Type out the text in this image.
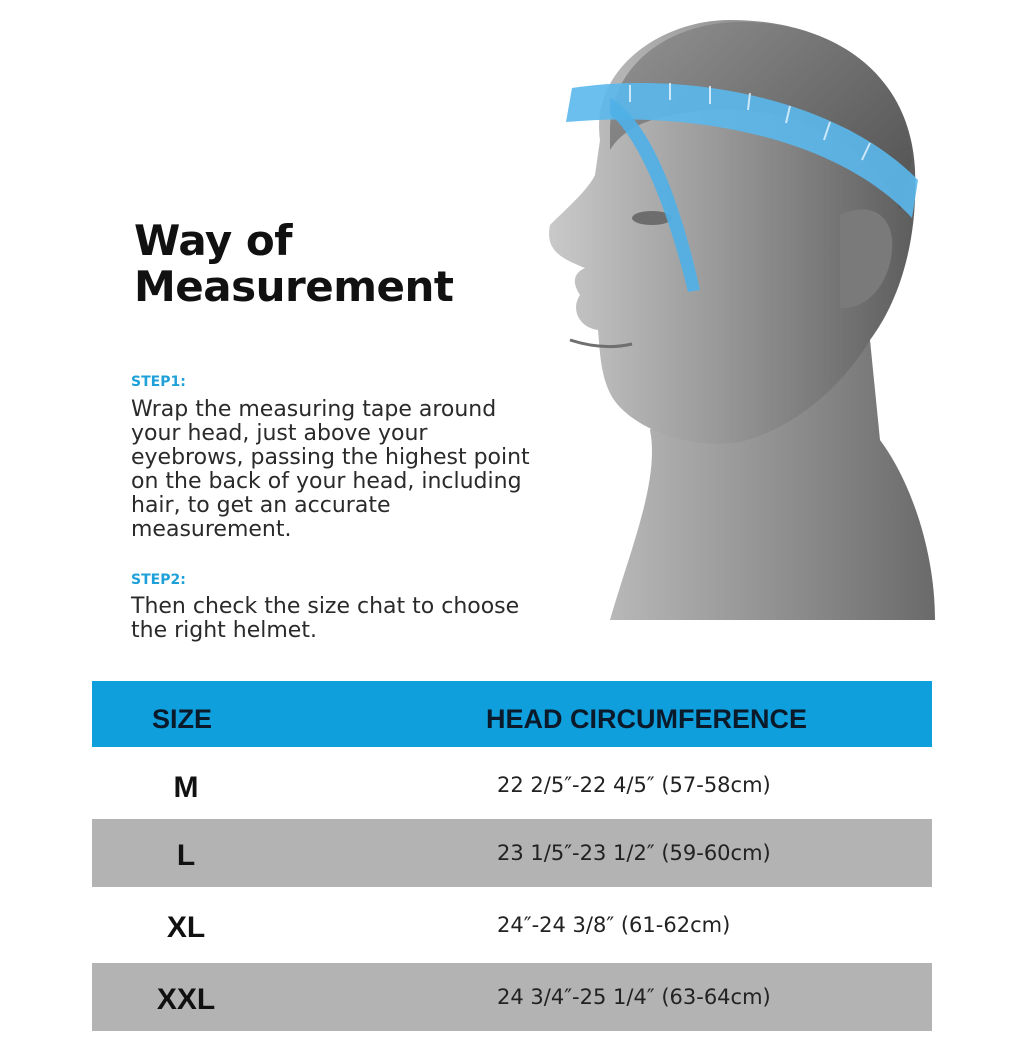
Way of
Measurement
STEP1:
Wrap the measuring tape around
your head, just above your
eyebrows, passing the highest point
on the back of your head, including
hair, to get an accurate
measurement.
STEP2:
Then check the size chat to choose
the right helmet.
SIZE	HEAD CIRCUMFERENCE
M	22 2/5″-22 4/5″ (57-58cm)
L	23 1/5″-23 1/2″ (59-60cm)
XL	24″-24 3/8″ (61-62cm)
XXL	24 3/4″-25 1/4″ (63-64cm)
